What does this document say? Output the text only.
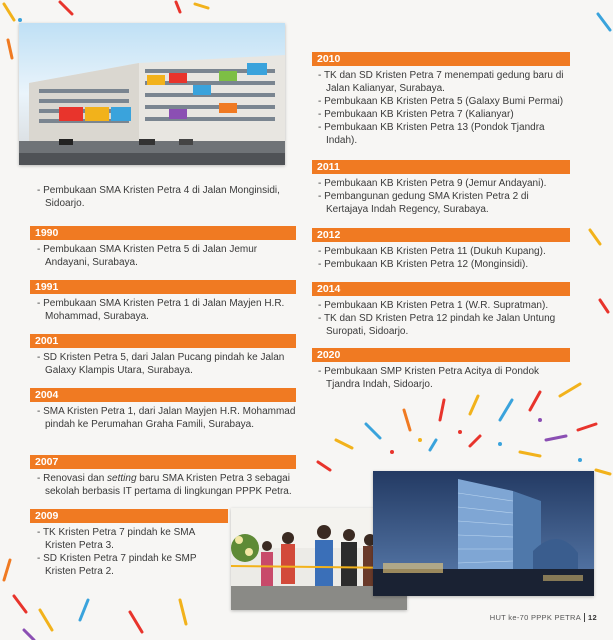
- Pembukaan SMA Kristen Petra 4 di Jalan Monginsidi, Sidoarjo.
1990
- Pembukaan SMA Kristen Petra 5 di Jalan Jemur Andayani, Surabaya.
1991
- Pembukaan SMA Kristen Petra 1 di Jalan Mayjen H.R. Mohammad, Surabaya.
2001
- SD Kristen Petra 5, dari Jalan Pucang pindah ke Jalan Galaxy Klampis Utara, Surabaya.
2004
- SMA Kristen Petra 1, dari Jalan Mayjen H.R. Mohammad pindah ke Perumahan Graha Famili, Surabaya.
2007
- Renovasi dan setting baru SMA Kristen Petra 3 sebagai sekolah berbasis IT pertama di lingkungan PPPK Petra.
2009
- TK Kristen Petra 7 pindah ke SMA Kristen Petra 3.
- SD Kristen Petra 7 pindah ke SMP Kristen Petra 2.
2010
- TK dan SD Kristen Petra 7 menempati gedung baru di Jalan Kalianyar, Surabaya.
- Pembukaan KB Kristen Petra 5 (Galaxy Bumi Permai)
- Pembukaan KB Kristen Petra 7 (Kalianyar)
- Pembukaan KB Kristen Petra 13 (Pondok Tjandra Indah).
2011
- Pembukaan KB Kristen Petra 9 (Jemur Andayani).
- Pembangunan gedung SMA Kristen Petra 2 di Kertajaya Indah Regency, Surabaya.
2012
- Pembukaan KB Kristen Petra 11 (Dukuh Kupang).
- Pembukaan KB Kristen Petra 12 (Monginsidi).
2014
- Pembukaan KB Kristen Petra 1 (W.R. Supratman).
- TK dan SD Kristen Petra 12 pindah ke Jalan Untung Suropati, Sidoarjo.
2020
- Pembukaan SMP Kristen Petra Acitya di Pondok Tjandra Indah, Sidoarjo.
HUT ke-70 PPPK PETRA 12
